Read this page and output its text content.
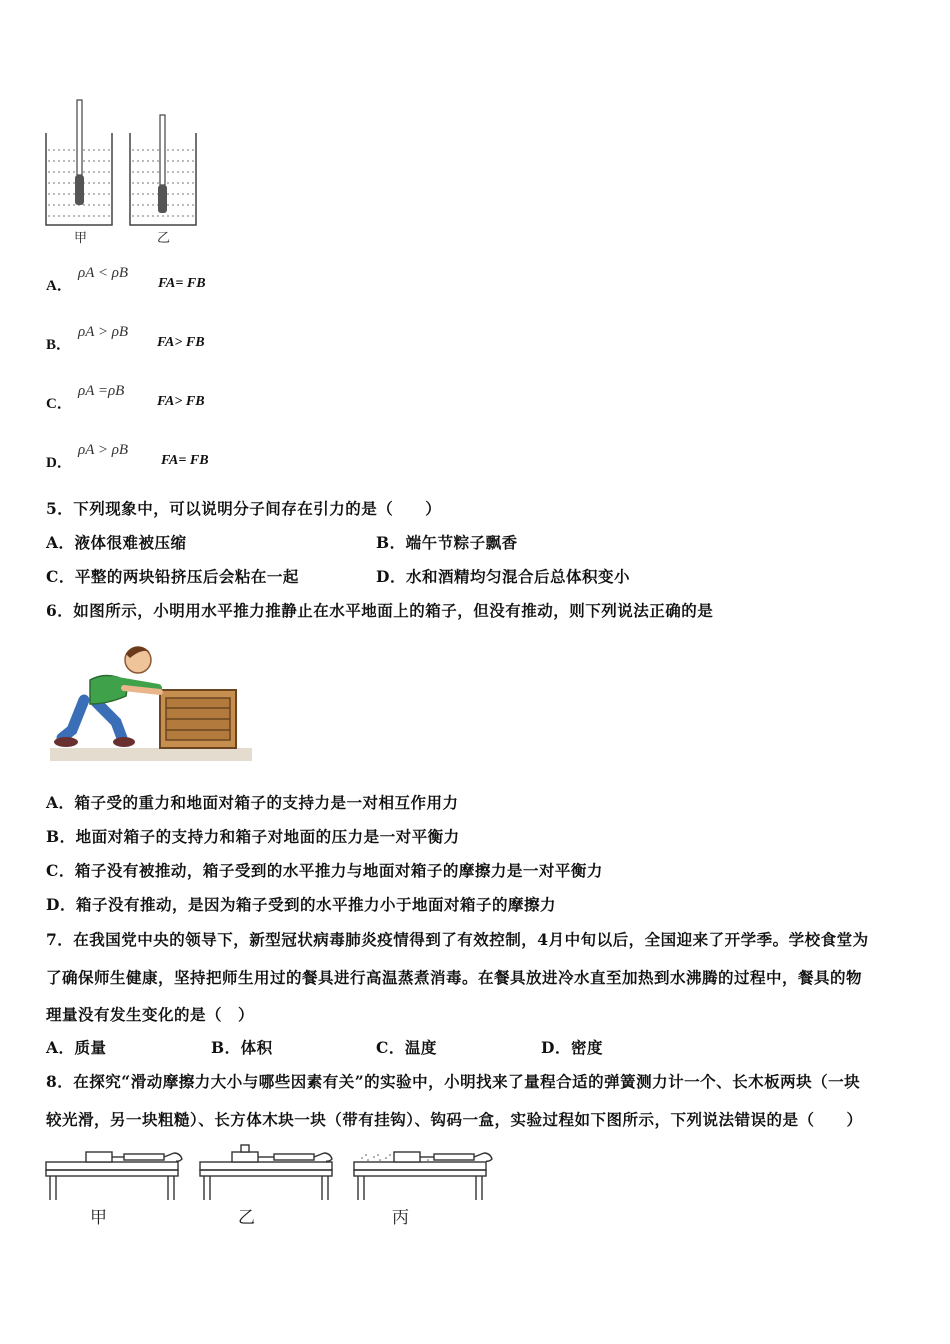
甲	乙
A．
ρA < ρB
FA= FB
B．
ρA > ρB
FA> FB
C．
ρA =ρB
FA> FB
D．
ρA > ρB
FA= FB
5．下列现象中，可以说明分子间存在引力的是（　　）
A．液体很难被压缩	B．端午节粽子飘香
C．平整的两块铅挤压后会粘在一起	D．水和酒精均匀混合后总体积变小
6．如图所示，小明用水平推力推静止在水平地面上的箱子，但没有推动，则下列说法正确的是
A．箱子受的重力和地面对箱子的支持力是一对相互作用力
B．地面对箱子的支持力和箱子对地面的压力是一对平衡力
C．箱子没有被推动，箱子受到的水平推力与地面对箱子的摩擦力是一对平衡力
D．箱子没有推动，是因为箱子受到的水平推力小于地面对箱子的摩擦力
7．在我国党中央的领导下，新型冠状病毒肺炎疫情得到了有效控制，4月中旬以后，全国迎来了开学季。学校食堂为
了确保师生健康，坚持把师生用过的餐具进行高温蒸煮消毒。在餐具放进冷水直至加热到水沸腾的过程中，餐具的物
理量没有发生变化的是（　）
A．质量	B．体积	C．温度	D．密度
8．在探究“滑动摩擦力大小与哪些因素有关”的实验中，小明找来了量程合适的弹簧测力计一个、长木板两块（一块
较光滑，另一块粗糙）、长方体木块一块（带有挂钩）、钩码一盒，实验过程如下图所示，下列说法错误的是（　　）
甲	乙	丙
